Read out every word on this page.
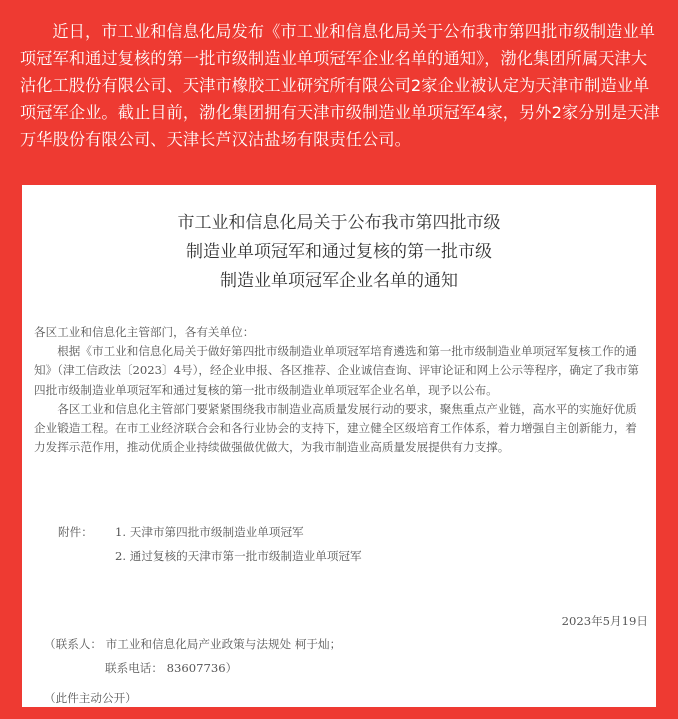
近日，市工业和信息化局发布《市工业和信息化局关于公布我市第四批市级制造业单项冠军和通过复核的第一批市级制造业单项冠军企业名单的通知》，渤化集团所属天津大沽化工股份有限公司、天津市橡胶工业研究所有限公司2家企业被认定为天津市制造业单项冠军企业。截止目前，渤化集团拥有天津市级制造业单项冠军4家，另外2家分别是天津万华股份有限公司、天津长芦汉沽盐场有限责任公司。

市工业和信息化局关于公布我市第四批市级
制造业单项冠军和通过复核的第一批市级
制造业单项冠军企业名单的通知

各区工业和信息化主管部门，各有关单位：

根据《市工业和信息化局关于做好第四批市级制造业单项冠军培育遴选和第一批市级制造业单项冠军复核工作的通知》（津工信政法〔2023〕4号），经企业申报、各区推荐、企业诚信查询、评审论证和网上公示等程序，确定了我市第四批市级制造业单项冠军和通过复核的第一批市级制造业单项冠军企业名单，现予以公布。

各区工业和信息化主管部门要紧紧围绕我市制造业高质量发展行动的要求，聚焦重点产业链，高水平的实施好优质企业锻造工程。在市工业经济联合会和各行业协会的支持下，建立健全区级培育工作体系，着力增强自主创新能力，着力发挥示范作用，推动优质企业持续做强做优做大，为我市制造业高质量发展提供有力支撑。

附件：	1. 天津市第四批市级制造业单项冠军
2. 通过复核的天津市第一批市级制造业单项冠军
2023年5月19日
（联系人： 市工业和信息化局产业政策与法规处 柯于灿；
联系电话： 83607736）
（此件主动公开）
